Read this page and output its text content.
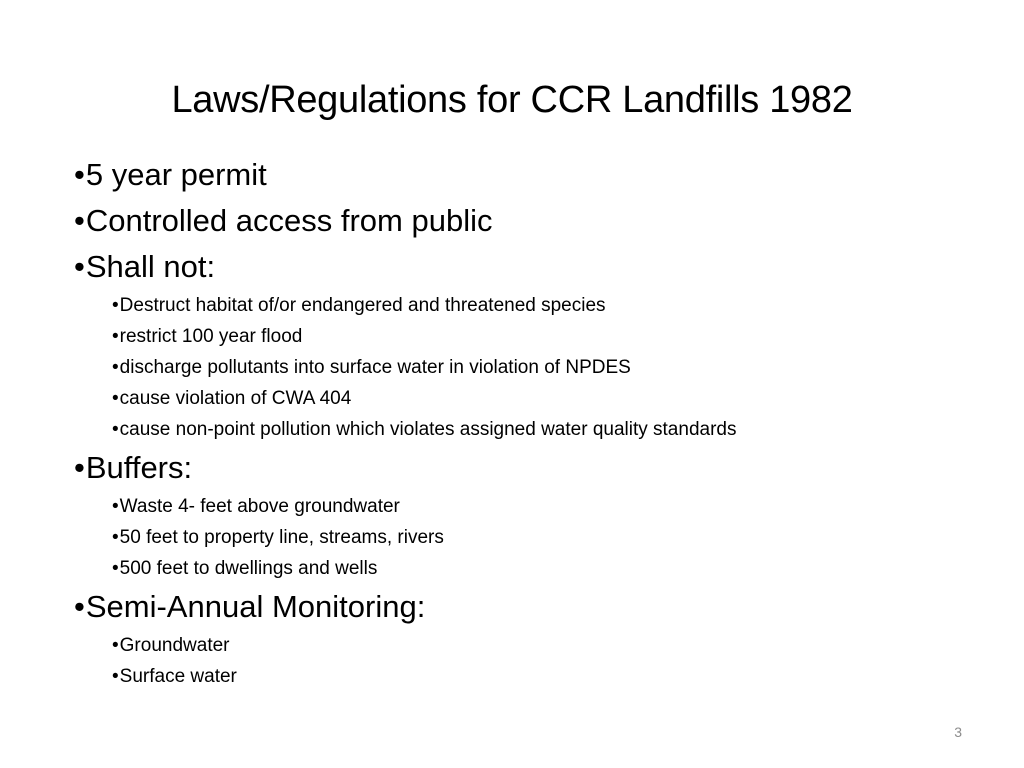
Laws/Regulations for CCR Landfills 1982
•5 year permit
•Controlled access from public
•Shall not:
•Destruct habitat of/or endangered and threatened species
•restrict 100 year flood
•discharge pollutants into surface water in violation of NPDES
•cause violation of CWA 404
•cause non-point pollution which violates assigned water quality standards
•Buffers:
•Waste 4- feet above groundwater
•50 feet to property line, streams, rivers
•500 feet to dwellings and wells
•Semi-Annual Monitoring:
•Groundwater
•Surface water
3
